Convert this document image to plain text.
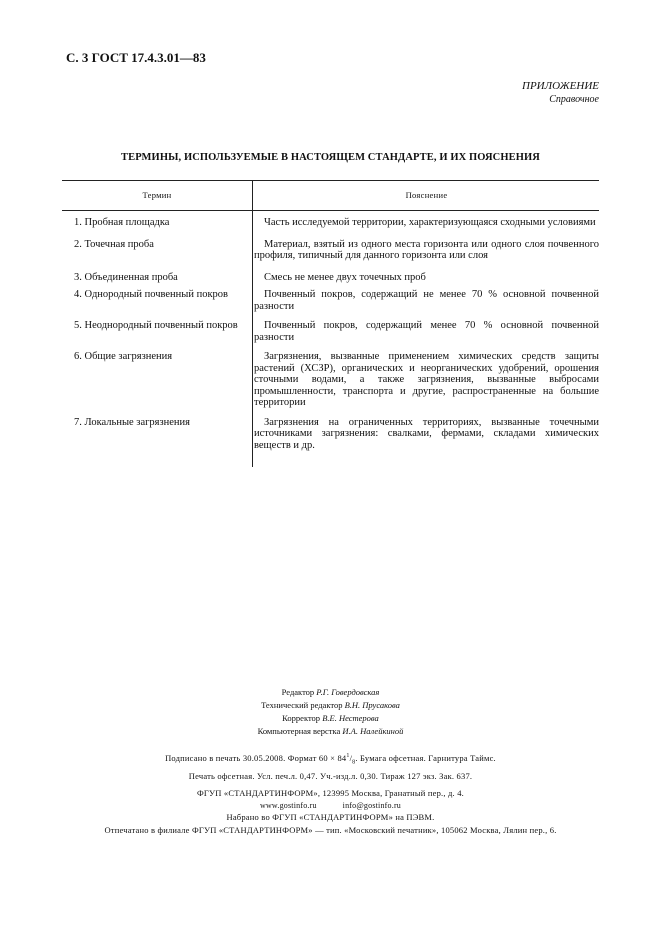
С. 3 ГОСТ 17.4.3.01—83
ПРИЛОЖЕНИЕ
Справочное
ТЕРМИНЫ, ИСПОЛЬЗУЕМЫЕ В НАСТОЯЩЕМ СТАНДАРТЕ, И ИХ ПОЯСНЕНИЯ
Термин	Пояснение
1. Пробная площадка	Часть исследуемой территории, характеризующаяся сходными условиями
2. Точечная проба	Материал, взятый из одного места горизонта или одного слоя почвенного профиля, типичный для данного горизонта или слоя
3. Объединенная проба	Смесь не менее двух точечных проб
4. Однородный почвенный покров	Почвенный покров, содержащий не менее 70 % основной почвенной разности
5. Неоднородный почвенный покров	Почвенный покров, содержащий менее 70 % основной почвенной разности
6. Общие загрязнения	Загрязнения, вызванные применением химических средств защиты растений (ХСЗР), органических и неорганических удобрений, орошения сточными водами, а также загрязнения, вызванные выбросами промышленности, транспорта и другие, распространенные на большие территории
7. Локальные загрязнения	Загрязнения на ограниченных территориях, вызванные точечными источниками загрязнения: свалками, фермами, складами химических веществ и др.
Редактор Р.Г. Говердовская
Технический редактор В.Н. Прусакова
Корректор В.Е. Нестерова
Компьютерная верстка И.А. Налейкиной
Подписано в печать 30.05.2008. Формат $60 \times 84^1/_8$. Бумага офсетная. Гарнитура Таймс.
Печать офсетная. Усл. печ.л. 0,47. Уч.-изд.л. 0,30. Тираж 127 экз. Зак. 637.
ФГУП «СТАНДАРТИНФОРМ», 123995 Москва, Гранатный пер., д. 4.
www.gostinfo.ru	info@gostinfo.ru
Набрано во ФГУП «СТАНДАРТИНФОРМ» на ПЭВМ.
Отпечатано в филиале ФГУП «СТАНДАРТИНФОРМ» — тип. «Московский печатник», 105062 Москва, Лялин пер., 6.
